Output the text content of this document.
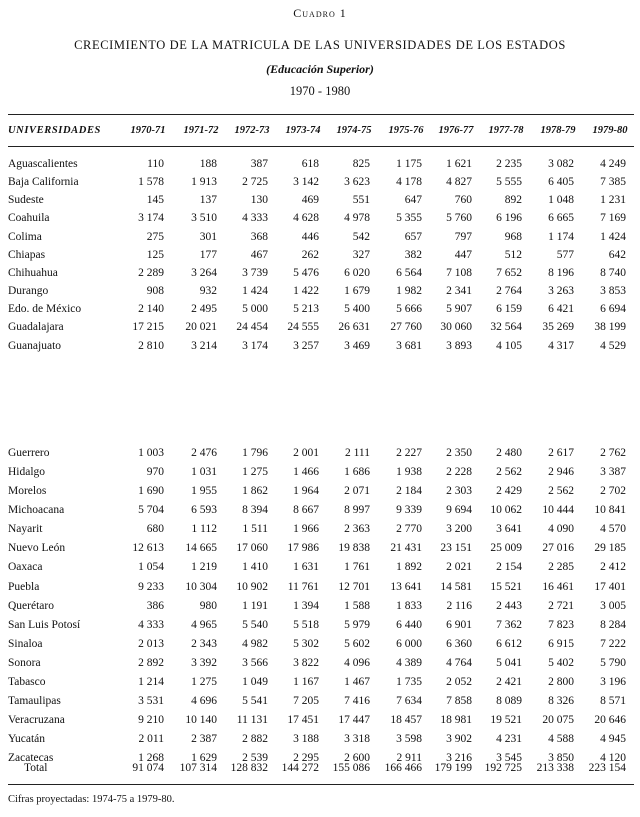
Cuadro 1
CRECIMIENTO DE LA MATRICULA DE LAS UNIVERSIDADES DE LOS ESTADOS
(Educación Superior)
1970 - 1980
UNIVERSIDADES	1970-71	1971-72	1972-73	1973-74	1974-75	1975-76	1976-77	1977-78	1978-79	1979-80
Aguascalientes	110	188	387	618	825	1 175	1 621	2 235	3 082	4 249
Baja California	1 578	1 913	2 725	3 142	3 623	4 178	4 827	5 555	6 405	7 385
Sudeste	145	137	130	469	551	647	760	892	1 048	1 231
Coahuila	3 174	3 510	4 333	4 628	4 978	5 355	5 760	6 196	6 665	7 169
Colima	275	301	368	446	542	657	797	968	1 174	1 424
Chiapas	125	177	467	262	327	382	447	512	577	642
Chihuahua	2 289	3 264	3 739	5 476	6 020	6 564	7 108	7 652	8 196	8 740
Durango	908	932	1 424	1 422	1 679	1 982	2 341	2 764	3 263	3 853
Edo. de México	2 140	2 495	5 000	5 213	5 400	5 666	5 907	6 159	6 421	6 694
Guadalajara	17 215	20 021	24 454	24 555	26 631	27 760	30 060	32 564	35 269	38 199
Guanajuato	2 810	3 214	3 174	3 257	3 469	3 681	3 893	4 105	4 317	4 529
Guerrero	1 003	2 476	1 796	2 001	2 111	2 227	2 350	2 480	2 617	2 762
Hidalgo	970	1 031	1 275	1 466	1 686	1 938	2 228	2 562	2 946	3 387
Morelos	1 690	1 955	1 862	1 964	2 071	2 184	2 303	2 429	2 562	2 702
Michoacana	5 704	6 593	8 394	8 667	8 997	9 339	9 694	10 062	10 444	10 841
Nayarit	680	1 112	1 511	1 966	2 363	2 770	3 200	3 641	4 090	4 570
Nuevo León	12 613	14 665	17 060	17 986	19 838	21 431	23 151	25 009	27 016	29 185
Oaxaca	1 054	1 219	1 410	1 631	1 761	1 892	2 021	2 154	2 285	2 412
Puebla	9 233	10 304	10 902	11 761	12 701	13 641	14 581	15 521	16 461	17 401
Querétaro	386	980	1 191	1 394	1 588	1 833	2 116	2 443	2 721	3 005
San Luis Potosí	4 333	4 965	5 540	5 518	5 979	6 440	6 901	7 362	7 823	8 284
Sinaloa	2 013	2 343	4 982	5 302	5 602	6 000	6 360	6 612	6 915	7 222
Sonora	2 892	3 392	3 566	3 822	4 096	4 389	4 764	5 041	5 402	5 790
Tabasco	1 214	1 275	1 049	1 167	1 467	1 735	2 052	2 421	2 800	3 196
Tamaulipas	3 531	4 696	5 541	7 205	7 416	7 634	7 858	8 089	8 326	8 571
Veracruzana	9 210	10 140	11 131	17 451	17 447	18 457	18 981	19 521	20 075	20 646
Yucatán	2 011	2 387	2 882	3 188	3 318	3 598	3 902	4 231	4 588	4 945
Zacatecas	1 268	1 629	2 539	2 295	2 600	2 911	3 216	3 545	3 850	4 120
Total	91 074	107 314	128 832	144 272	155 086	166 466	179 199	192 725	213 338	223 154
Cifras proyectadas: 1974-75 a 1979-80.
